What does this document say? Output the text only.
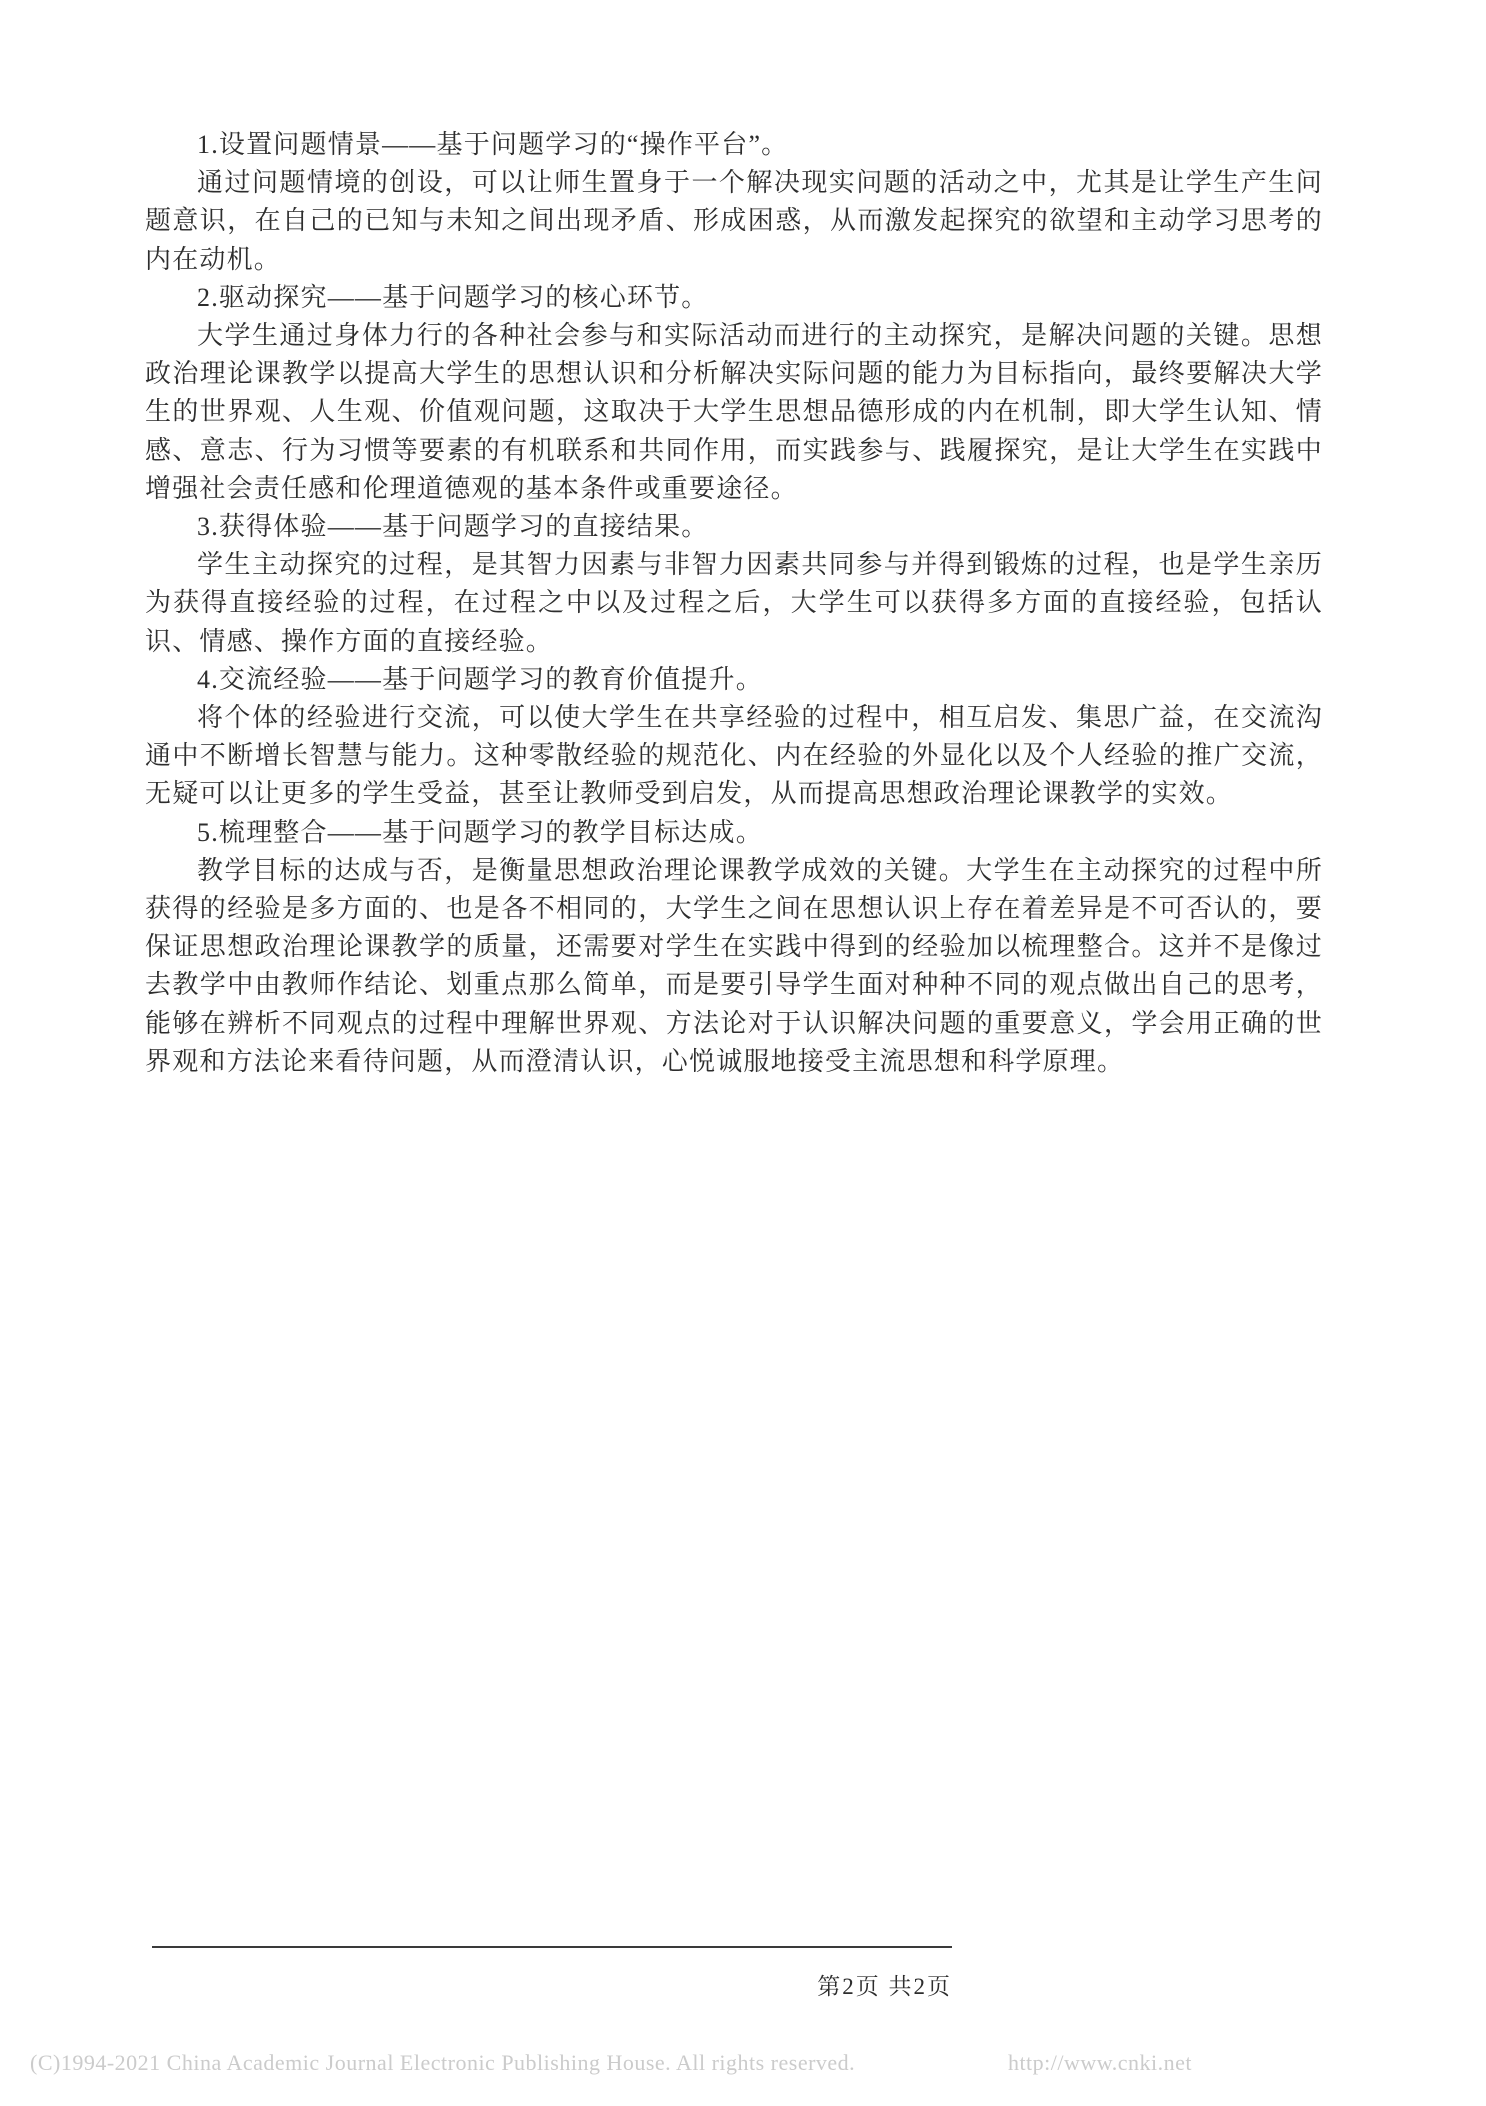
1.设置问题情景——基于问题学习的“操作平台”。

通过问题情境的创设，可以让师生置身于一个解决现实问题的活动之中，尤其是让学生产生问题意识，在自己的已知与未知之间出现矛盾、形成困惑，从而激发起探究的欲望和主动学习思考的内在动机。

2.驱动探究——基于问题学习的核心环节。

大学生通过身体力行的各种社会参与和实际活动而进行的主动探究，是解决问题的关键。思想政治理论课教学以提高大学生的思想认识和分析解决实际问题的能力为目标指向，最终要解决大学生的世界观、人生观、价值观问题，这取决于大学生思想品德形成的内在机制，即大学生认知、情感、意志、行为习惯等要素的有机联系和共同作用，而实践参与、践履探究，是让大学生在实践中增强社会责任感和伦理道德观的基本条件或重要途径。

3.获得体验——基于问题学习的直接结果。

学生主动探究的过程，是其智力因素与非智力因素共同参与并得到锻炼的过程，也是学生亲历为获得直接经验的过程，在过程之中以及过程之后，大学生可以获得多方面的直接经验，包括认识、情感、操作方面的直接经验。

4.交流经验——基于问题学习的教育价值提升。

将个体的经验进行交流，可以使大学生在共享经验的过程中，相互启发、集思广益，在交流沟通中不断增长智慧与能力。这种零散经验的规范化、内在经验的外显化以及个人经验的推广交流，无疑可以让更多的学生受益，甚至让教师受到启发，从而提高思想政治理论课教学的实效。

5.梳理整合——基于问题学习的教学目标达成。

教学目标的达成与否，是衡量思想政治理论课教学成效的关键。大学生在主动探究的过程中所获得的经验是多方面的、也是各不相同的，大学生之间在思想认识上存在着差异是不可否认的，要保证思想政治理论课教学的质量，还需要对学生在实践中得到的经验加以梳理整合。这并不是像过去教学中由教师作结论、划重点那么简单，而是要引导学生面对种种不同的观点做出自己的思考，能够在辨析不同观点的过程中理解世界观、方法论对于认识解决问题的重要意义，学会用正确的世界观和方法论来看待问题，从而澄清认识，心悦诚服地接受主流思想和科学原理。

第2页 共2页
(C)1994-2021 China Academic Journal Electronic Publishing House. All rights reserved.	http://www.cnki.net
